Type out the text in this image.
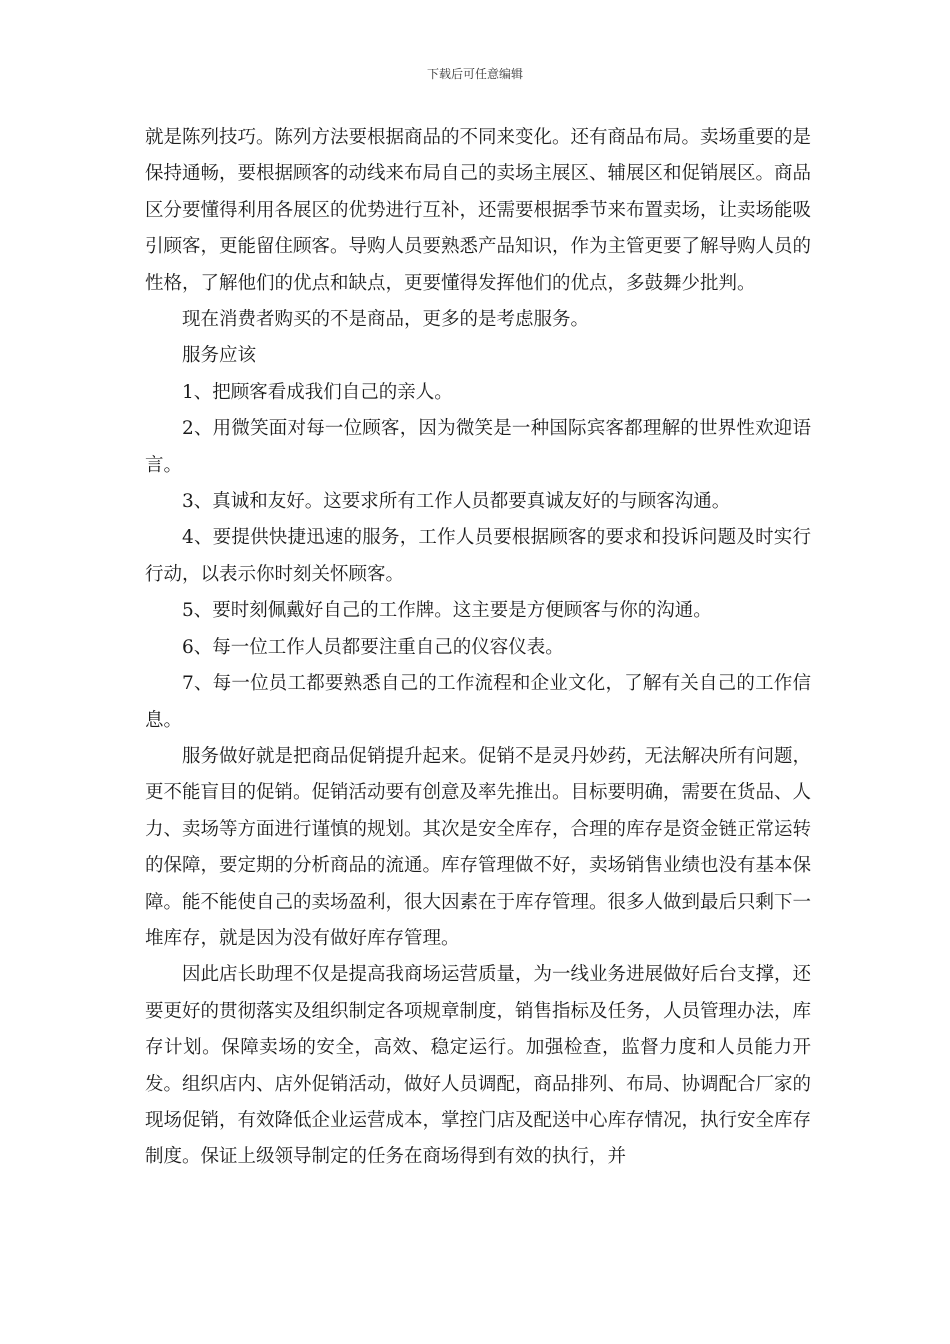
下载后可任意编辑

就是陈列技巧。陈列方法要根据商品的不同来变化。还有商品布局。卖场重要的是保持通畅，要根据顾客的动线来布局自己的卖场主展区、辅展区和促销展区。商品区分要懂得利用各展区的优势进行互补，还需要根据季节来布置卖场，让卖场能吸引顾客，更能留住顾客。导购人员要熟悉产品知识，作为主管更要了解导购人员的性格，了解他们的优点和缺点，更要懂得发挥他们的优点，多鼓舞少批判。

现在消费者购买的不是商品，更多的是考虑服务。

服务应该

1、把顾客看成我们自己的亲人。

2、用微笑面对每一位顾客，因为微笑是一种国际宾客都理解的世界性欢迎语言。

3、真诚和友好。这要求所有工作人员都要真诚友好的与顾客沟通。

4、要提供快捷迅速的服务，工作人员要根据顾客的要求和投诉问题及时实行行动，以表示你时刻关怀顾客。

5、要时刻佩戴好自己的工作牌。这主要是方便顾客与你的沟通。

6、每一位工作人员都要注重自己的仪容仪表。

7、每一位员工都要熟悉自己的工作流程和企业文化，了解有关自己的工作信息。

服务做好就是把商品促销提升起来。促销不是灵丹妙药，无法解决所有问题，更不能盲目的促销。促销活动要有创意及率先推出。目标要明确，需要在货品、人力、卖场等方面进行谨慎的规划。其次是安全库存，合理的库存是资金链正常运转的保障，要定期的分析商品的流通。库存管理做不好，卖场销售业绩也没有基本保障。能不能使自己的卖场盈利，很大因素在于库存管理。很多人做到最后只剩下一堆库存，就是因为没有做好库存管理。

因此店长助理不仅是提高我商场运营质量，为一线业务进展做好后台支撑，还要更好的贯彻落实及组织制定各项规章制度，销售指标及任务，人员管理办法，库存计划。保障卖场的安全，高效、稳定运行。加强检查，监督力度和人员能力开发。组织店内、店外促销活动，做好人员调配，商品排列、布局、协调配合厂家的现场促销，有效降低企业运营成本，掌控门店及配送中心库存情况，执行安全库存制度。保证上级领导制定的任务在商场得到有效的执行，并
